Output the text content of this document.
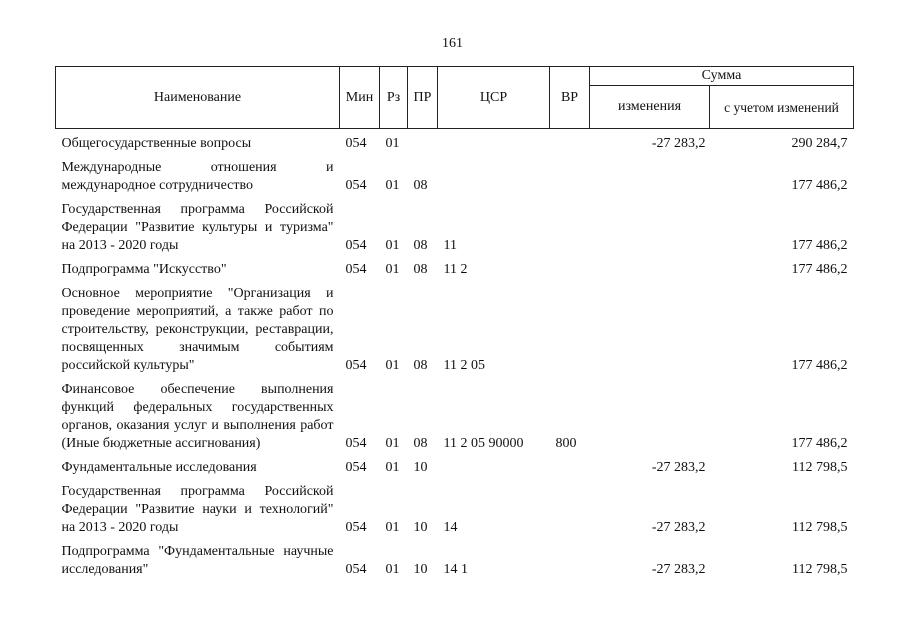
161
Наименование	Мин	Рз	ПР	ЦСР	ВР	Сумма	
						изменения	с учетом изменений
Общегосударственные вопросы	054	01				-27 283,2	290 284,7
Международные отношения и международное сотрудничество	054	01	08				177 486,2
Государственная программа Российской Федерации "Развитие культуры и туризма" на 2013 - 2020 годы	054	01	08	11			177 486,2
Подпрограмма "Искусство"	054	01	08	11 2			177 486,2
Основное мероприятие "Организация и проведение мероприятий, а также работ по строительству, реконструкции, реставрации, посвященных значимым событиям российской культуры"	054	01	08	11 2 05			177 486,2
Финансовое обеспечение выполнения функций федеральных государственных органов, оказания услуг и выполнения работ (Иные бюджетные ассигнования)	054	01	08	11 2 05 90000	800		177 486,2
Фундаментальные исследования	054	01	10			-27 283,2	112 798,5
Государственная программа Российской Федерации "Развитие науки и технологий" на 2013 - 2020 годы	054	01	10	14		-27 283,2	112 798,5
Подпрограмма "Фундаментальные научные исследования"	054	01	10	14 1		-27 283,2	112 798,5
